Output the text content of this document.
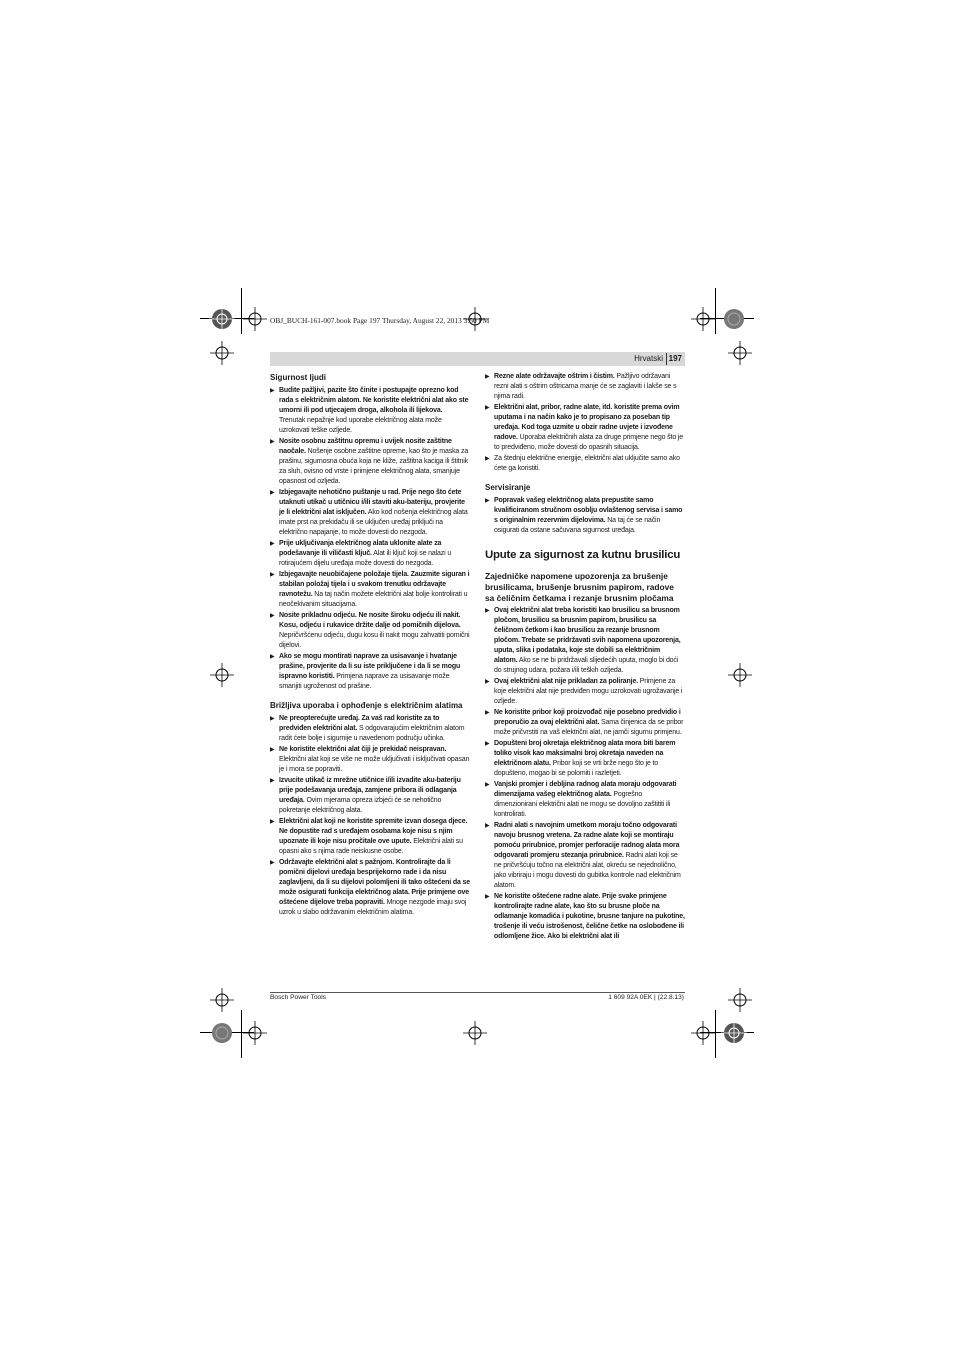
OBJ_BUCH-161-007.book Page 197 Thursday, August 22, 2013 3:50 PM
Hrvatski 197
Sigurnost ljudi
▶ Budite pažljivi, pazite što činite i postupajte oprezno kod rada s električnim alatom. Ne koristite električni alat ako ste umorni ili pod utjecajem droga, alkohola ili lijekova. Trenutak nepažnje kod uporabe električnog alata može uzrokovati teške ozljede.
▶ Nosite osobnu zaštitnu opremu i uvijek nosite zaštitne naočale. Nošenje osobne zaštitne opreme, kao što je maska za prašinu, sigurnosna obuća koja ne kliže, zaštitna kaciga ili štitnik za sluh, ovisno od vrste i primjene električnog alata, smanjuje opasnost od ozljeda.
▶ Izbjegavajte nehotično puštanje u rad. Prije nego što ćete utaknuti utikač u utičnicu i/ili staviti aku-bateriju, provjerite je li električni alat isključen. Ako kod nošenja električnog alata imate prst na prekidaču ili se uključen uređaj priključi na električno napajanje, to može dovesti do nezgoda.
▶ Prije uključivanja električnog alata uklonite alate za podešavanje ili viličasti ključ. Alat ili ključ koji se nalazi u rotirajućem dijelu uređaja može dovesti do nezgoda.
▶ Izbjegavajte neuobičajene položaje tijela. Zauzmite siguran i stabilan položaj tijela i u svakom trenutku održavajte ravnotežu. Na taj način možete električni alat bolje kontrolirati u neočekivanim situacijama.
▶ Nosite prikladnu odjeću. Ne nosite široku odjeću ili nakit. Kosu, odjeću i rukavice držite dalje od pomičnih dijelova. Nepričvršćenu odjeću, dugu kosu ili nakit mogu zahvatiti pomični dijelovi.
▶ Ako se mogu montirati naprave za usisavanje i hvatanje prašine, provjerite da li su iste priključene i da li se mogu ispravno koristiti. Primjena naprave za usisavanje može smanjiti ugroženost od prašine.
Brižljiva uporaba i ophođenje s električnim alatima
▶ Ne preopterećujte uređaj. Za vaš rad koristite za to predviđen električni alat. S odgovarajućim električnim alatom radit ćete bolje i sigurnije u navedenom području učinka.
▶ Ne koristite električni alat čiji je prekidač neispravan. Električni alat koji se više ne može uključivati i isključivati opasan je i mora se popraviti.
▶ Izvucite utikač iz mrežne utičnice i/ili izvadite aku-bateriju prije podešavanja uređaja, zamjene pribora ili odlaganja uređaja. Ovim mjerama opreza izbjeći će se nehotično pokretanje električnog alata.
▶ Električni alat koji ne koristite spremite izvan dosega djece. Ne dopustite rad s uređajem osobama koje nisu s njim upoznate ili koje nisu pročitale ove upute. Električni alati su opasni ako s njima rade neiskusne osobe.
▶ Održavajte električni alat s pažnjom. Kontrolirajte da li pomični dijelovi uređaja besprijekorno rade i da nisu zaglavljeni, da li su dijelovi polomljeni ili tako oštećeni da se može osigurati funkcija električnog alata. Prije primjene ove oštećene dijelove treba popraviti. Mnoge nezgode imaju svoj uzrok u slabo održavanim električnim alatima.
▶ Rezne alate održavajte oštrim i čistim. Pažljivo održavani rezni alati s oštrim oštricama manje će se zaglaviti i lakše se s njima radi.
▶ Električni alat, pribor, radne alate, itd. koristite prema ovim uputama i na način kako je to propisano za poseban tip uređaja. Kod toga uzmite u obzir radne uvjete i izvođene radove. Uporaba električnih alata za druge primjene nego što je to predviđeno, može dovesti do opasnih situacija.
▶ Za štednju električne energije, električni alat uključite samo ako ćete ga koristiti.
Servisiranje
▶ Popravak vašeg električnog alata prepustite samo kvalificiranom stručnom osoblju ovlaštenog servisa i samo s originalnim rezervnim dijelovima. Na taj će se način osigurati da ostane sačuvana sigurnost uređaja.
Upute za sigurnost za kutnu brusilicu
Zajedničke napomene upozorenja za brušenje brusilicama, brušenje brusnim papirom, radove sa čeličnim četkama i rezanje brusnim pločama
▶ Ovaj električni alat treba koristiti kao brusilicu sa brusnom pločom, brusilicu sa brusnim papirom, brusilicu sa čeličnom četkom i kao brusilicu za rezanje brusnom pločom. Trebate se pridržavati svih napomena upozorenja, uputa, slika i podataka, koje ste dobili sa električnim alatom. Ako se ne bi pridržavali slijedećih uputa, moglo bi doći do strujnog udara, požara i/ili teških ozljeda.
▶ Ovaj električni alat nije prikladan za poliranje. Primjene za koje električni alat nije predviđen mogu uzrokovati ugrožavanje i ozljede.
▶ Ne koristite pribor koji proizvođač nije posebno predvidio i preporučio za ovaj električni alat. Sama činjenica da se pribor može pričvrstiti na vaš električni alat, ne jamči sigurnu primjenu.
▶ Dopušteni broj okretaja električnog alata mora biti barem toliko visok kao maksimalni broj okretaja naveden na električnom alatu. Pribor koji se vrti brže nego što je to dopušteno, mogao bi se polomiti i razletjeti.
▶ Vanjski promjer i debljina radnog alata moraju odgovarati dimenzijama vašeg električnog alata. Pogrešno dimenzionirani električni alati ne mogu se dovoljno zaštititi ili kontrolirati.
▶ Radni alati s navojnim umetkom moraju točno odgovarati navoju brusnog vretena. Za radne alate koji se montiraju pomoću prirubnice, promjer perforacije radnog alata mora odgovarati promjeru stezanja prirubnice. Radni alati koji se ne pričvršćuju točno na električni alat, okreću se nejednolično, jako vibriraju i mogu dovesti do gubitka kontrole nad električnim alatom.
▶ Ne koristite oštećene radne alate. Prije svake primjene kontrolirajte radne alate, kao što su brusne ploče na odlamanje komadića i pukotine, brusne tanjure na pukotine, trošenje ili veću istrošenost, čelične četke na oslobođene ili odlomljene žice. Ako bi električni alat ili
Bosch Power Tools	1 609 92A 0EK | (22.8.13)
